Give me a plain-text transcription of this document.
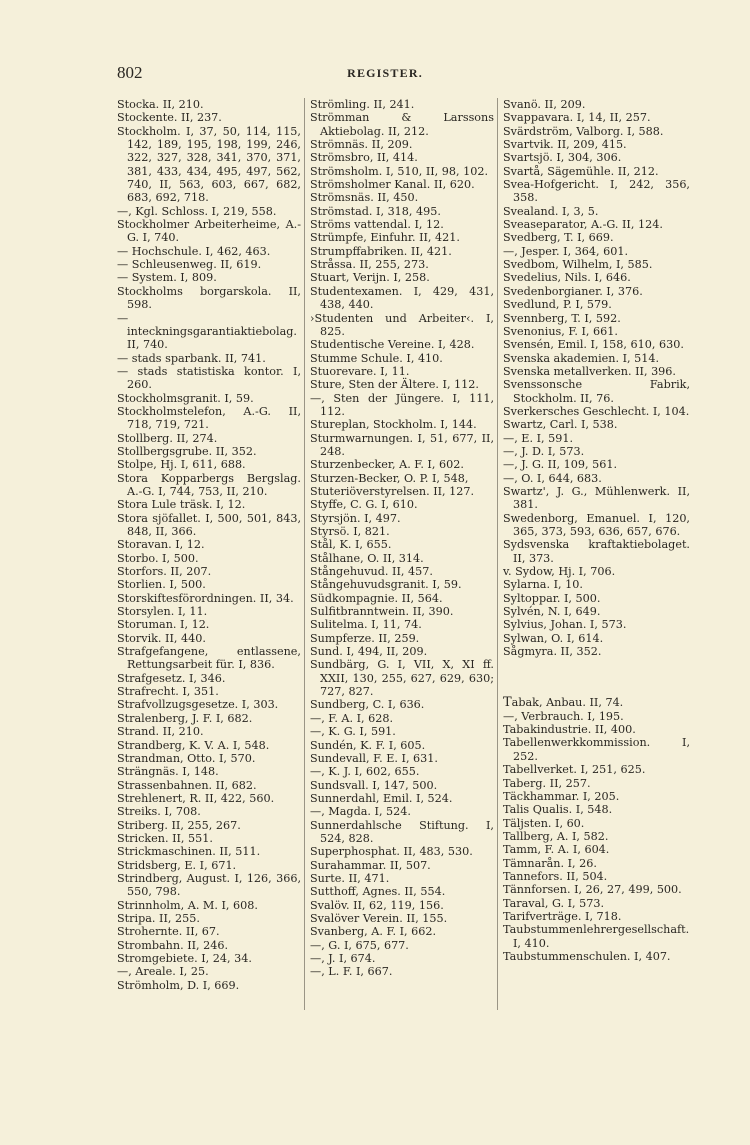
802	REGISTER.

Stocka. II, 210.

Stockente. II, 237.

Stockholm. I, 37, 50, 114, 115, 142, 189, 195, 198, 199, 246, 322, 327, 328, 341, 370, 371, 381, 433, 434, 495, 497, 562, 740, II, 563, 603, 667, 682, 683, 692, 718.

—, Kgl. Schloss. I, 219, 558.

Stockholmer Arbeiterheime, A.-G. I, 740.

— Hochschule. I, 462, 463.

— Schleusenweg. II, 619.

— System. I, 809.

Stockholms borgarskola. II, 598.

— inteckningsgarantiaktiebolag. II, 740.

— stads sparbank. II, 741.

— stads statistiska kontor. I, 260.

Stockholmsgranit. I, 59.

Stockholmstelefon, A.-G. II, 718, 719, 721.

Stollberg. II, 274.

Stollbergsgrube. II, 352.

Stolpe, Hj. I, 611, 688.

Stora Kopparbergs Bergslag. A.-G. I, 744, 753, II, 210.

Stora Lule träsk. I, 12.

Stora sjöfallet. I, 500, 501, 843, 848, II, 366.

Storavan. I, 12.

Storbo. I, 500.

Storfors. II, 207.

Storlien. I, 500.

Storskiftesförordningen. II, 34.

Storsylen. I, 11.

Storuman. I, 12.

Storvik. II, 440.

Strafgefangene, entlassene, Rettungsarbeit für. I, 836.

Strafgesetz. I, 346.

Strafrecht. I, 351.

Strafvollzugsgesetze. I, 303.

Stralenberg, J. F. I, 682.

Strand. II, 210.

Strandberg, K. V. A. I, 548.

Strandman, Otto. I, 570.

Strängnäs. I, 148.

Strassenbahnen. II, 682.

Strehlenert, R. II, 422, 560.

Streiks. I, 708.

Striberg. II, 255, 267.

Stricken. II, 551.

Strickmaschinen. II, 511.

Stridsberg, E. I, 671.

Strindberg, August. I, 126, 366, 550, 798.

Strinnholm, A. M. I, 608.

Stripa. II, 255.

Strohernte. II, 67.

Strombahn. II, 246.

Stromgebiete. I, 24, 34.

—, Areale. I, 25.

Strömholm, D. I, 669.

Strömling. II, 241.

Strömman & Larssons Aktiebolag. II, 212.

Strömnäs. II, 209.

Strömsbro, II, 414.

Strömsholm. I, 510, II, 98, 102.

Strömsholmer Kanal. II, 620.

Strömsnäs. II, 450.

Strömstad. I, 318, 495.

Ströms vattendal. I, 12.

Strümpfe, Einfuhr. II, 421.

Strumpffabriken. II, 421.

Stråssa. II, 255, 273.

Stuart, Verijn. I, 258.

Studentexamen. I, 429, 431, 438, 440.

›Studenten und Arbeiter‹. I, 825.

Studentische Vereine. I, 428.

Stumme Schule. I, 410.

Stuorevare. I, 11.

Sture, Sten der Ältere. I, 112.

—, Sten der Jüngere. I, 111, 112.

Stureplan, Stockholm. I, 144.

Sturmwarnungen. I, 51, 677, II, 248.

Sturzenbecker, A. F. I, 602.

Sturzen-Becker, O. P. I, 548,

Stuteriöverstyrelsen. II, 127.

Styffe, C. G. I, 610.

Styrsjön. I, 497.

Styrsö. I, 821.

Stål, K. I, 655.

Stålhane, O. II, 314.

Stångehuvud. II, 457.

Stångehuvudsgranit. I, 59.

Südkompagnie. II, 564.

Sulfitbranntwein. II, 390.

Sulitelma. I, 11, 74.

Sumpferze. II, 259.

Sund. I, 494, II, 209.

Sundbärg, G. I, VII, X, XI ff. XXII, 130, 255, 627, 629, 630; 727, 827.

Sundberg, C. I, 636.

—, F. A. I, 628.

—, K. G. I, 591.

Sundén, K. F. I, 605.

Sundevall, F. E. I, 631.

—, K. J. I, 602, 655.

Sundsvall. I, 147, 500.

Sunnerdahl, Emil. I, 524.

—, Magda. I, 524.

Sunnerdahlsche Stiftung. I, 524, 828.

Superphosphat. II, 483, 530.

Surahammar. II, 507.

Surte. II, 471.

Sutthoff, Agnes. II, 554.

Svalöv. II, 62, 119, 156.

Svalöver Verein. II, 155.

Svanberg, A. F. I, 662.

—, G. I, 675, 677.

—, J. I, 674.

—, L. F. I, 667.

Svanö. II, 209.

Svappavara. I, 14, II, 257.

Svärdström, Valborg. I, 588.

Svartvik. II, 209, 415.

Svartsjö. I, 304, 306.

Svartå, Sägemühle. II, 212.

Svea-Hofgericht. I, 242, 356, 358.

Svealand. I, 3, 5.

Sveaseparator, A.-G. II, 124.

Svedberg, T. I, 669.

—, Jesper. I, 364, 601.

Svedbom, Wilhelm, I, 585.

Svedelius, Nils. I, 646.

Svedenborgianer. I, 376.

Svedlund, P. I, 579.

Svennberg, T. I, 592.

Svenonius, F. I, 661.

Svensén, Emil. I, 158, 610, 630.

Svenska akademien. I, 514.

Svenska metallverken. II, 396.

Svenssonsche Fabrik, Stockholm. II, 76.

Sverkersches Geschlecht. I, 104.

Swartz, Carl. I, 538.

—, E. I, 591.

—, J. D. I, 573.

—, J. G. II, 109, 561.

—, O. I, 644, 683.

Swartz', J. G., Mühlenwerk. II, 381.

Swedenborg, Emanuel. I, 120, 365, 373, 593, 636, 657, 676.

Sydsvenska kraftaktiebolaget. II, 373.

v. Sydow, Hj. I, 706.

Sylarna. I, 10.

Syltoppar. I, 500.

Sylvén, N. I, 649.

Sylvius, Johan. I, 573.

Sylwan, O. I, 614.

Sågmyra. II, 352.

Tabak, Anbau. II, 74.

—, Verbrauch. I, 195.

Tabakindustrie. II, 400.

Tabellenwerkkommission. I, 252.

Tabellverket. I, 251, 625.

Taberg. II, 257.

Täckhammar. I, 205.

Talis Qualis. I, 548.

Täljsten. I, 60.

Tallberg, A. I, 582.

Tamm, F. A. I, 604.

Tämnarån. I, 26.

Tannefors. II, 504.

Tännforsen. I, 26, 27, 499, 500.

Taraval, G. I, 573.

Tarifverträge. I, 718.

Taubstummenlehrergesellschaft. I, 410.

Taubstummenschulen. I, 407.
